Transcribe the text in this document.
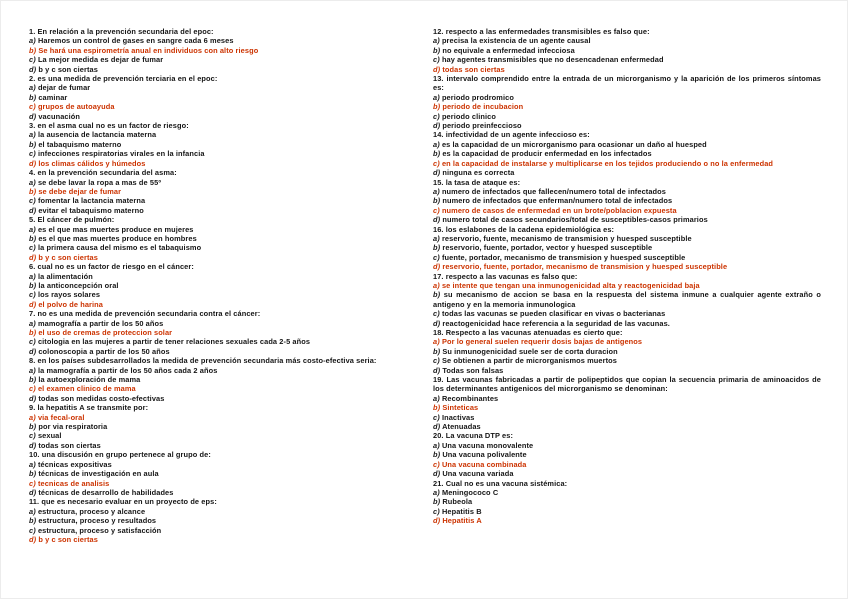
1. En relación a la prevención secundaria del epoc:
a) Haremos un control de gases en sangre cada 6 meses
b) Se hará una espirometría anual en individuos con alto riesgo
c) La mejor medida es dejar de fumar
d) b y c son ciertas
2. es una medida de prevención terciaria en el epoc:
a) dejar de fumar
b) caminar
c) grupos de autoayuda
d) vacunación
3. en el asma cual no es un factor de riesgo:
a) la ausencia de lactancia materna
b) el tabaquismo materno
c) infecciones respiratorias virales en la infancia
d) los climas cálidos y húmedos
4. en la prevención secundaria del asma:
a) se debe lavar la ropa a mas de 55º
b) se debe dejar de fumar
c) fomentar la lactancia materna
d) evitar el tabaquismo materno
5. El cáncer de pulmón:
a) es el que mas muertes produce en mujeres
b) es el que mas muertes produce en hombres
c) la primera causa del mismo es el tabaquismo
d) b y c son ciertas
6. cual no es un factor de riesgo en el cáncer:
a) la alimentación
b) la anticoncepción oral
c) los rayos solares
d) el polvo de harina
7. no es una medida de prevención secundaria contra el cáncer:
a) mamografía a partir de los 50 años
b) el uso de cremas de proteccion solar
c) citologia en las mujeres a partir de tener relaciones sexuales cada 2-5 años
d) colonoscopia a partir de los 50 años
8. en los países subdesarrollados la medida de prevención secundaria más costo-efectiva seria:
a) la mamografía a partir de los 50 años cada 2 años
b) la autoexploración de mama
c) el examen clinico de mama
d) todas son medidas costo-efectivas
9. la hepatitis A se transmite por:
a) via fecal-oral
b) por via respiratoria
c) sexual
d) todas son ciertas
10. una discusión en grupo pertenece al grupo de:
a) técnicas expositivas
b) técnicas de investigación en aula
c) tecnicas de analisis
d) técnicas de desarrollo de habilidades
11. que es necesario evaluar en un proyecto de eps:
a) estructura, proceso y alcance
b) estructura, proceso y resultados
c) estructura, proceso y satisfacción
d) b y c son ciertas
12. respecto a las enfermedades transmisibles es falso que:
a) precisa la existencia de un agente causal
b) no equivale a enfermedad infecciosa
c) hay agentes transmisibles que no desencadenan enfermedad
d) todas son ciertas
13. intervalo comprendido entre la entrada de un microrganismo y la aparición de los primeros síntomas es:
a) periodo prodromico
b) periodo de incubacion
c) periodo clinico
d) periodo preinfeccioso
14. infectividad de un agente infeccioso es:
a) es la capacidad de un microrganismo para ocasionar un daño al huesped
b) es la capacidad de producir enfermedad en los infectados
c) en la capacidad de instalarse y multiplicarse en los tejidos produciendo o no la enfermedad
d) ninguna es correcta
15. la tasa de ataque es:
a) numero de infectados que fallecen/numero total de infectados
b) numero de infectados que enferman/numero total de infectados
c) numero de casos de enfermedad en un brote/poblacion expuesta
d) numero total de casos secundarios/total de susceptibles-casos primarios
16. los eslabones de la cadena epidemiológica es:
a) reservorio, fuente, mecanismo de transmision y huesped susceptible
b) reservorio, fuente, portador, vector y huesped susceptible
c) fuente, portador, mecanismo de transmision y huesped susceptible
d) reservorio, fuente, portador, mecanismo de transmision y huesped susceptible
17. respecto a las vacunas es falso que:
a) se intente que tengan una inmunogenicidad alta y reactogenicidad baja
b) su mecanismo de accion se basa en la respuesta del sistema inmune a cualquier agente extraño o antigeno y en la memoria inmunologica
c) todas las vacunas se pueden clasificar en vivas o bacterianas
d) reactogenicidad hace referencia a la seguridad de las vacunas.
18. Respecto a las vacunas atenuadas es cierto que:
a) Por lo general suelen requerir dosis bajas de antigenos
b) Su inmunogenicidad suele ser de corta duracion
c) Se obtienen a partir de microrganismos muertos
d) Todas son falsas
19. Las vacunas fabricadas a partir de polipeptidos que copian la secuencia primaria de aminoacidos de los determinantes antigenicos del microrganismo se denominan:
a) Recombinantes
b) Sinteticas
c) Inactivas
d) Atenuadas
20. La vacuna DTP es:
a) Una vacuna monovalente
b) Una vacuna polivalente
c) Una vacuna combinada
d) Una vacuna variada
21. Cual no es una vacuna sistémica:
a) Meningococo C
b) Rubeola
c) Hepatitis B
d) Hepatitis A
